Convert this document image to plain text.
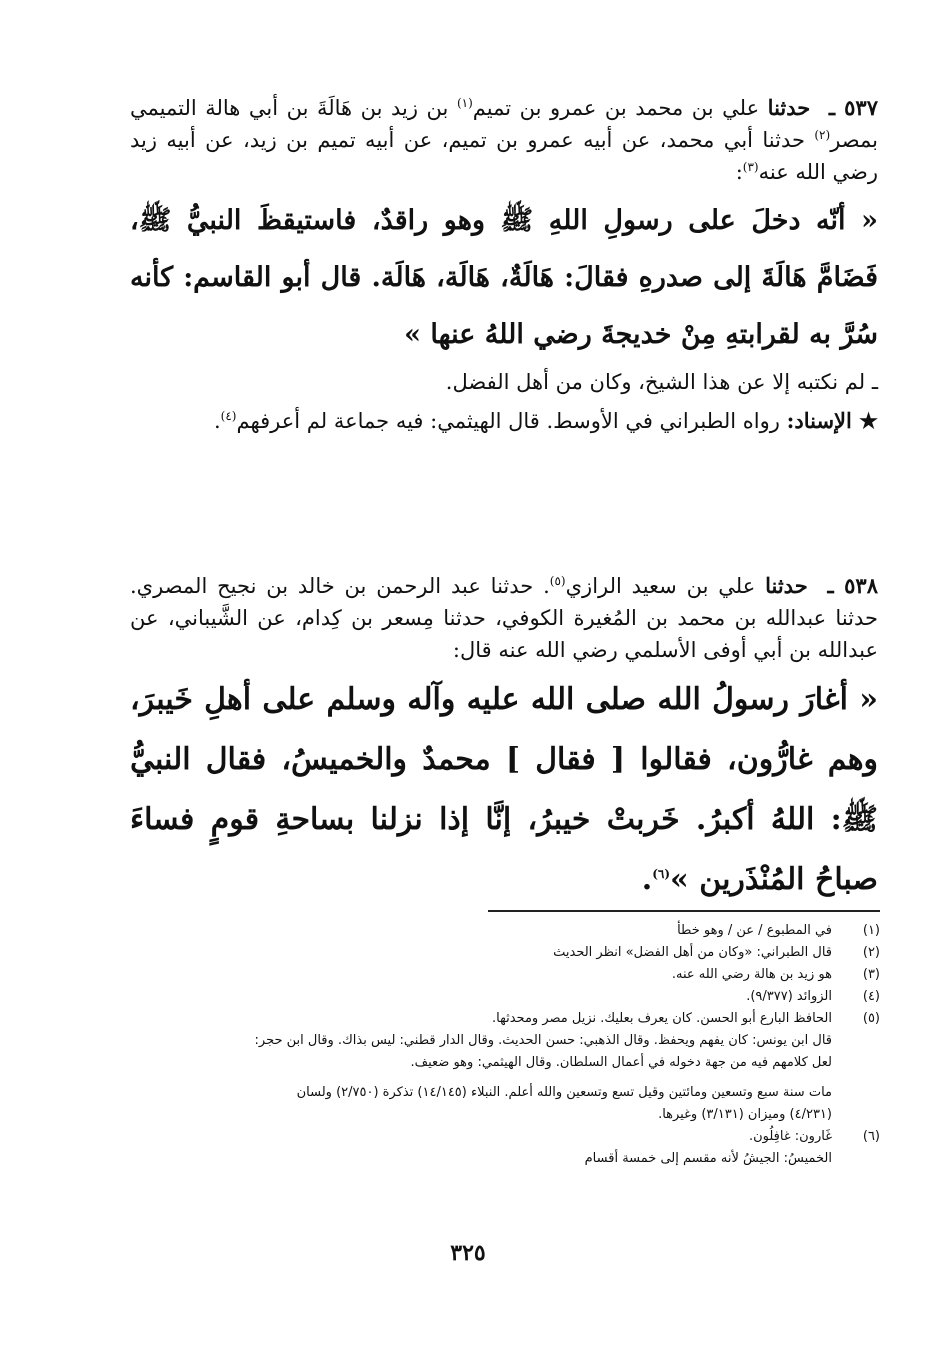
٥٣٧ ـ حدثنا علي بن محمد بن عمرو بن تميم$^{(١)}$ بن زيد بن هَالَةَ بن أبي هالة التميمي بمصر$^{(٢)}$ حدثنا أبي محمد، عن أبيه عمرو بن تميم، عن أبيه تميم بن زيد، عن أبيه زيد رضي الله عنه$^{(٣)}$:

« أنّه دخلَ على رسولِ اللهِ ﷺ وهو راقدٌ، فاستيقظَ النبيُّ ﷺ، فَضَامَّ هَالَةَ إلى صدرهِ فقالَ: هَالَةٌ، هَالَة، هَالَة. قال أبو القاسم: كأنه سُرَّ به لقرابتهِ مِنْ خديجةَ رضي اللهُ عنها »

ـ لم نكتبه إلا عن هذا الشيخ، وكان من أهل الفضل.

★ الإسناد: رواه الطبراني في الأوسط. قال الهيثمي: فيه جماعة لم أعرفهم$^{(٤)}$.

٥٣٨ ـ حدثنا علي بن سعيد الرازي$^{(٥)}$. حدثنا عبد الرحمن بن خالد بن نجيح المصري. حدثنا عبدالله بن محمد بن المُغيرة الكوفي، حدثنا مِسعر بن كِدام، عن الشَّيباني، عن عبدالله بن أبي أوفى الأسلمي رضي الله عنه قال:

« أغارَ رسولُ الله صلى الله عليه وآله وسلم على أهلِ خَيبرَ، وهم غارُّون، فقالوا [ فقال ] محمدٌ والخميسُ، فقال النبيُّ ﷺ: اللهُ أكبرُ. خَربتْ خيبرُ، إنَّا إذا نزلنا بساحةِ قومٍ فساءَ صباحُ المُنْذَرين »$^{(٦)}$.

(١)
في المطبوع / عن / وهو خطأ
(٢)
قال الطبراني: «وكان من أهل الفضل» انظر الحديث
(٣)
هو زيد بن هالة رضي الله عنه.
(٤)
الزوائد (٩/٣٧٧).
(٥)
الحافظ البارع أبو الحسن. كان يعرف بعليك. نزيل مصر ومحدثها.
قال ابن يونس: كان يفهم ويحفظ. وقال الذهبي: حسن الحديث. وقال الدار قطني: ليس بذاك. وقال ابن حجر:
لعل كلامهم فيه من جهة دخوله في أعمال السلطان. وقال الهيثمي: وهو ضعيف.
مات سنة سبع وتسعين ومائتين وقيل تسع وتسعين والله أعلم. النبلاء (١٤/١٤٥) تذكرة (٢/٧٥٠) ولسان
(٤/٢٣١) وميزان (٣/١٣١) وغيرها.
(٦)
غَارون: غافِلُون.
الخميسُ: الجيشُ لأنه مقسم إلى خمسة أقسام
٣٢٥
